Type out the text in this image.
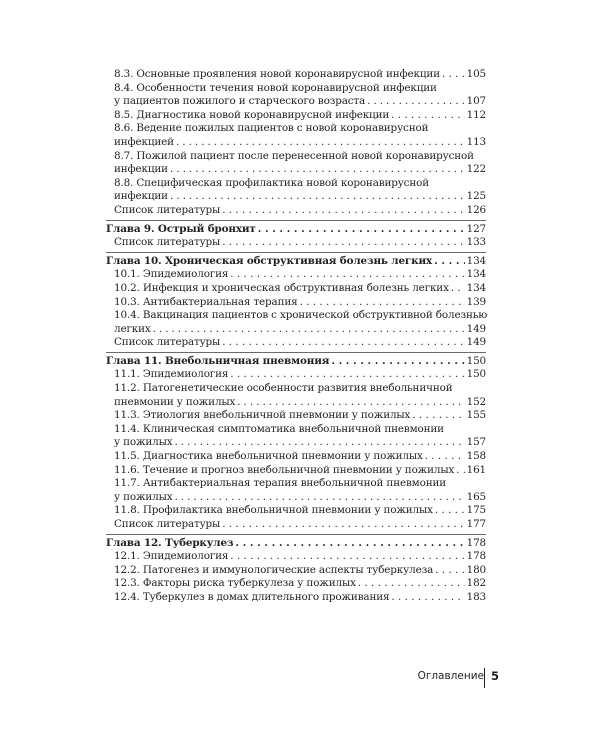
8.3. Основные проявления новой коронавирусной инфекции . . .	105
8.4. Особенности течения новой коронавирусной инфекции
у пациентов пожилого и старческого возраста . . .	107
8.5. Диагностика новой коронавирусной инфекции . . .	112
8.6. Ведение пожилых пациентов с новой коронавирусной
инфекцией . . .	113
8.7. Пожилой пациент после перенесенной новой коронавирусной
инфекции . . .	122
8.8. Специфическая профилактика новой коронавирусной
инфекции . . .	125
Список литературы . . .	126
Глава 9. Острый бронхит . . .	127
Список литературы . . .	133
Глава 10. Хроническая обструктивная болезнь легких . . .	134
10.1. Эпидемиология . . .	134
10.2. Инфекция и хроническая обструктивная болезнь легких . . . 134
10.3. Антибактериальная терапия . . .	139
10.4. Вакцинация пациентов с хронической обструктивной болезнью
легких . . .	149
Список литературы . . .	149
Глава 11. Внебольничная пневмония . . .	150
11.1. Эпидемиология . . .	150
11.2. Патогенетические особенности развития внебольничной
пневмонии у пожилых . . .	152
11.3. Этиология внебольничной пневмонии у пожилых . . .	155
11.4. Клиническая симптоматика внебольничной пневмонии
у пожилых . . .	157
11.5. Диагностика внебольничной пневмонии у пожилых . . .	158
11.6. Течение и прогноз внебольничной пневмонии у пожилых . . . 161
11.7. Антибактериальная терапия внебольничной пневмонии
у пожилых . . .	165
11.8. Профилактика внебольничной пневмонии у пожилых . . .	175
Список литературы . . .	177
Глава 12. Туберкулез . . .	178
12.1. Эпидемиология . . .	178
12.2. Патогенез и иммунологические аспекты туберкулеза . . .	180
12.3. Факторы риска туберкулеза у пожилых . . .	182
12.4. Туберкулез в домах длительного проживания . . .	183
Оглавление 5
